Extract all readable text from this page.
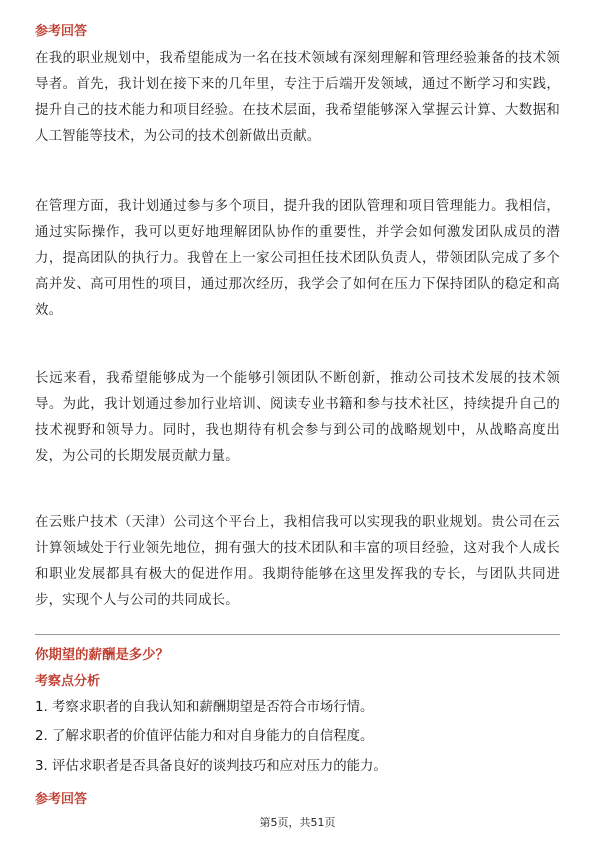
参考回答

在我的职业规划中，我希望能成为一名在技术领域有深刻理解和管理经验兼备的技术领导者。首先，我计划在接下来的几年里，专注于后端开发领域，通过不断学习和实践，提升自己的技术能力和项目经验。在技术层面，我希望能够深入掌握云计算、大数据和人工智能等技术，为公司的技术创新做出贡献。

在管理方面，我计划通过参与多个项目，提升我的团队管理和项目管理能力。我相信，通过实际操作，我可以更好地理解团队协作的重要性，并学会如何激发团队成员的潜力，提高团队的执行力。我曾在上一家公司担任技术团队负责人，带领团队完成了多个高并发、高可用性的项目，通过那次经历，我学会了如何在压力下保持团队的稳定和高效。

长远来看，我希望能够成为一个能够引领团队不断创新，推动公司技术发展的技术领导。为此，我计划通过参加行业培训、阅读专业书籍和参与技术社区，持续提升自己的技术视野和领导力。同时，我也期待有机会参与到公司的战略规划中，从战略高度出发，为公司的长期发展贡献力量。

在云账户技术（天津）公司这个平台上，我相信我可以实现我的职业规划。贵公司在云计算领域处于行业领先地位，拥有强大的技术团队和丰富的项目经验，这对我个人成长和职业发展都具有极大的促进作用。我期待能够在这里发挥我的专长，与团队共同进步，实现个人与公司的共同成长。

你期望的薪酬是多少？
考察点分析
1. 考察求职者的自我认知和薪酬期望是否符合市场行情。
2. 了解求职者的价值评估能力和对自身能力的自信程度。
3. 评估求职者是否具备良好的谈判技巧和应对压力的能力。
参考回答
第5页，共51页
